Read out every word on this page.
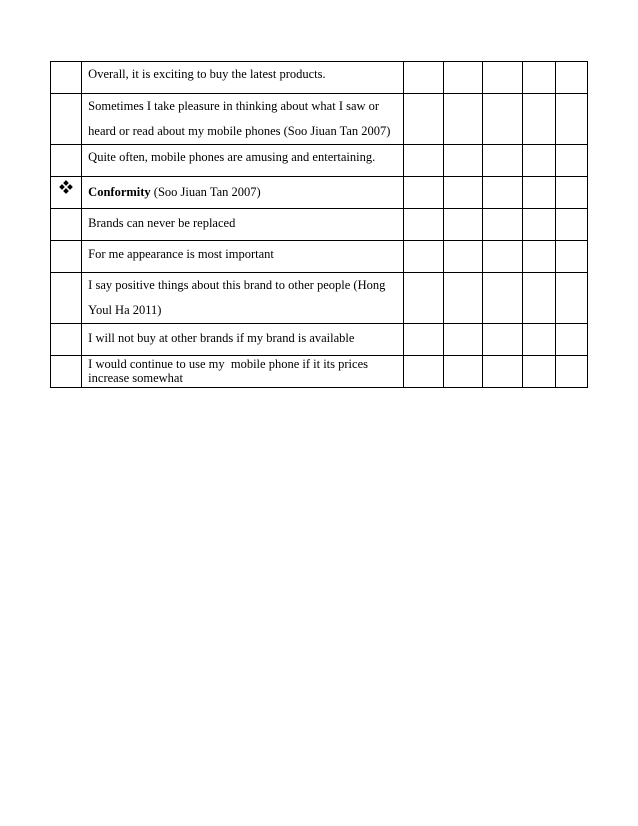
	Overall, it is exciting to buy the latest products.					

	Sometimes I take pleasure in thinking about what I saw or
heard or read about my mobile phones (Soo Jiuan Tan 2007)					

	Quite often, mobile phones are amusing and entertaining.					

	Conformity (Soo Jiuan Tan 2007)					

	Brands can never be replaced					

	For me appearance is most important					

	I say positive things about this brand to other people (Hong
Youl Ha 2011)					

	I will not buy at other brands if my brand is available					

	I would continue to use my  mobile phone if it its prices
increase somewhat					
